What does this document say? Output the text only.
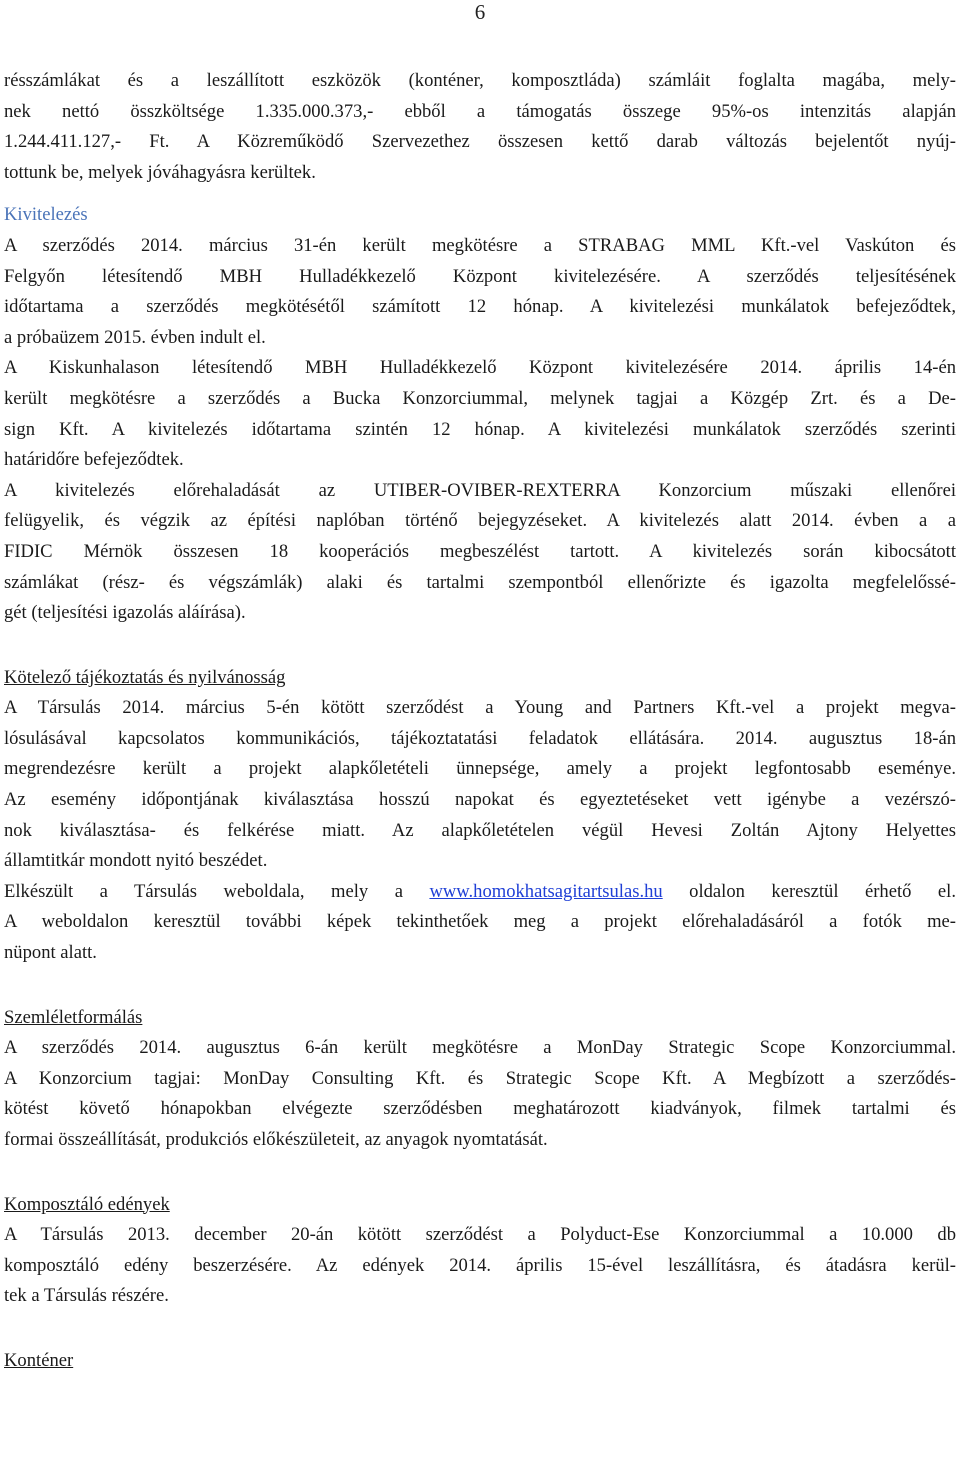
6
résszámlákat és a leszállított eszközök (konténer, komposztláda) számláit foglalta magába, mely-
nek nettó összköltsége 1.335.000.373,- ebből a támogatás összege 95%-os intenzitás alapján
1.244.411.127,- Ft. A Közreműködő Szervezethez összesen kettő darab változás bejelentőt nyúj-
tottunk be, melyek jóváhagyásra kerültek.
Kivitelezés
A szerződés 2014. március 31-én került megkötésre a STRABAG MML Kft.-vel Vaskúton és
Felgyőn létesítendő MBH Hulladékkezelő Központ kivitelezésére. A szerződés teljesítésének
időtartama a szerződés megkötésétől számított 12 hónap. A kivitelezési munkálatok befejeződtek,
a próbaüzem 2015. évben indult el.
A Kiskunhalason létesítendő MBH Hulladékkezelő Központ kivitelezésére 2014. április 14-én
került megkötésre a szerződés a Bucka Konzorciummal, melynek tagjai a Közgép Zrt. és a De-
sign Kft. A kivitelezés időtartama szintén 12 hónap. A kivitelezési munkálatok szerződés szerinti
határidőre befejeződtek.
A kivitelezés előrehaladását az UTIBER-OVIBER-REXTERRA Konzorcium műszaki ellenőrei
felügyelik, és végzik az építési naplóban történő bejegyzéseket. A kivitelezés alatt 2014. évben a a
FIDIC Mérnök összesen 18 kooperációs megbeszélést tartott. A kivitelezés során kibocsátott
számlákat (rész- és végszámlák) alaki és tartalmi szempontból ellenőrizte és igazolta megfelelőssé-
gét (teljesítési igazolás aláírása).
Kötelező tájékoztatás és nyilvánosság
A Társulás 2014. március 5-én kötött szerződést a Young and Partners Kft.-vel a projekt megva-
lósulásával kapcsolatos kommunikációs, tájékoztatatási feladatok ellátására. 2014. augusztus 18-án
megrendezésre került a projekt alapkőletételi ünnepsége, amely a projekt legfontosabb eseménye.
Az esemény időpontjának kiválasztása hosszú napokat és egyeztetéseket vett igénybe a vezérszó-
nok kiválasztása- és felkérése miatt. Az alapkőletételen végül Hevesi Zoltán Ajtony Helyettes
államtitkár mondott nyitó beszédet.
Elkészült a Társulás weboldala, mely a www.homokhatsagitartsulas.hu oldalon keresztül érhető el.
A weboldalon keresztül további képek tekinthetőek meg a projekt előrehaladásáról a fotók me-
nüpont alatt.
Szemléletformálás
A szerződés 2014. augusztus 6-án került megkötésre a MonDay Strategic Scope Konzorciummal.
A Konzorcium tagjai: MonDay Consulting Kft. és Strategic Scope Kft. A Megbízott a szerződés-
kötést követő hónapokban elvégezte szerződésben meghatározott kiadványok, filmek tartalmi és
formai összeállítását, produkciós előkészületeit, az anyagok nyomtatását.
Komposztáló edények
A Társulás 2013. december 20-án kötött szerződést a Polyduct-Ese Konzorciummal a 10.000 db
komposztáló edény beszerzésére. Az edények 2014. április 15-ével leszállításra, és átadásra kerül-
tek a Társulás részére.
Konténer
